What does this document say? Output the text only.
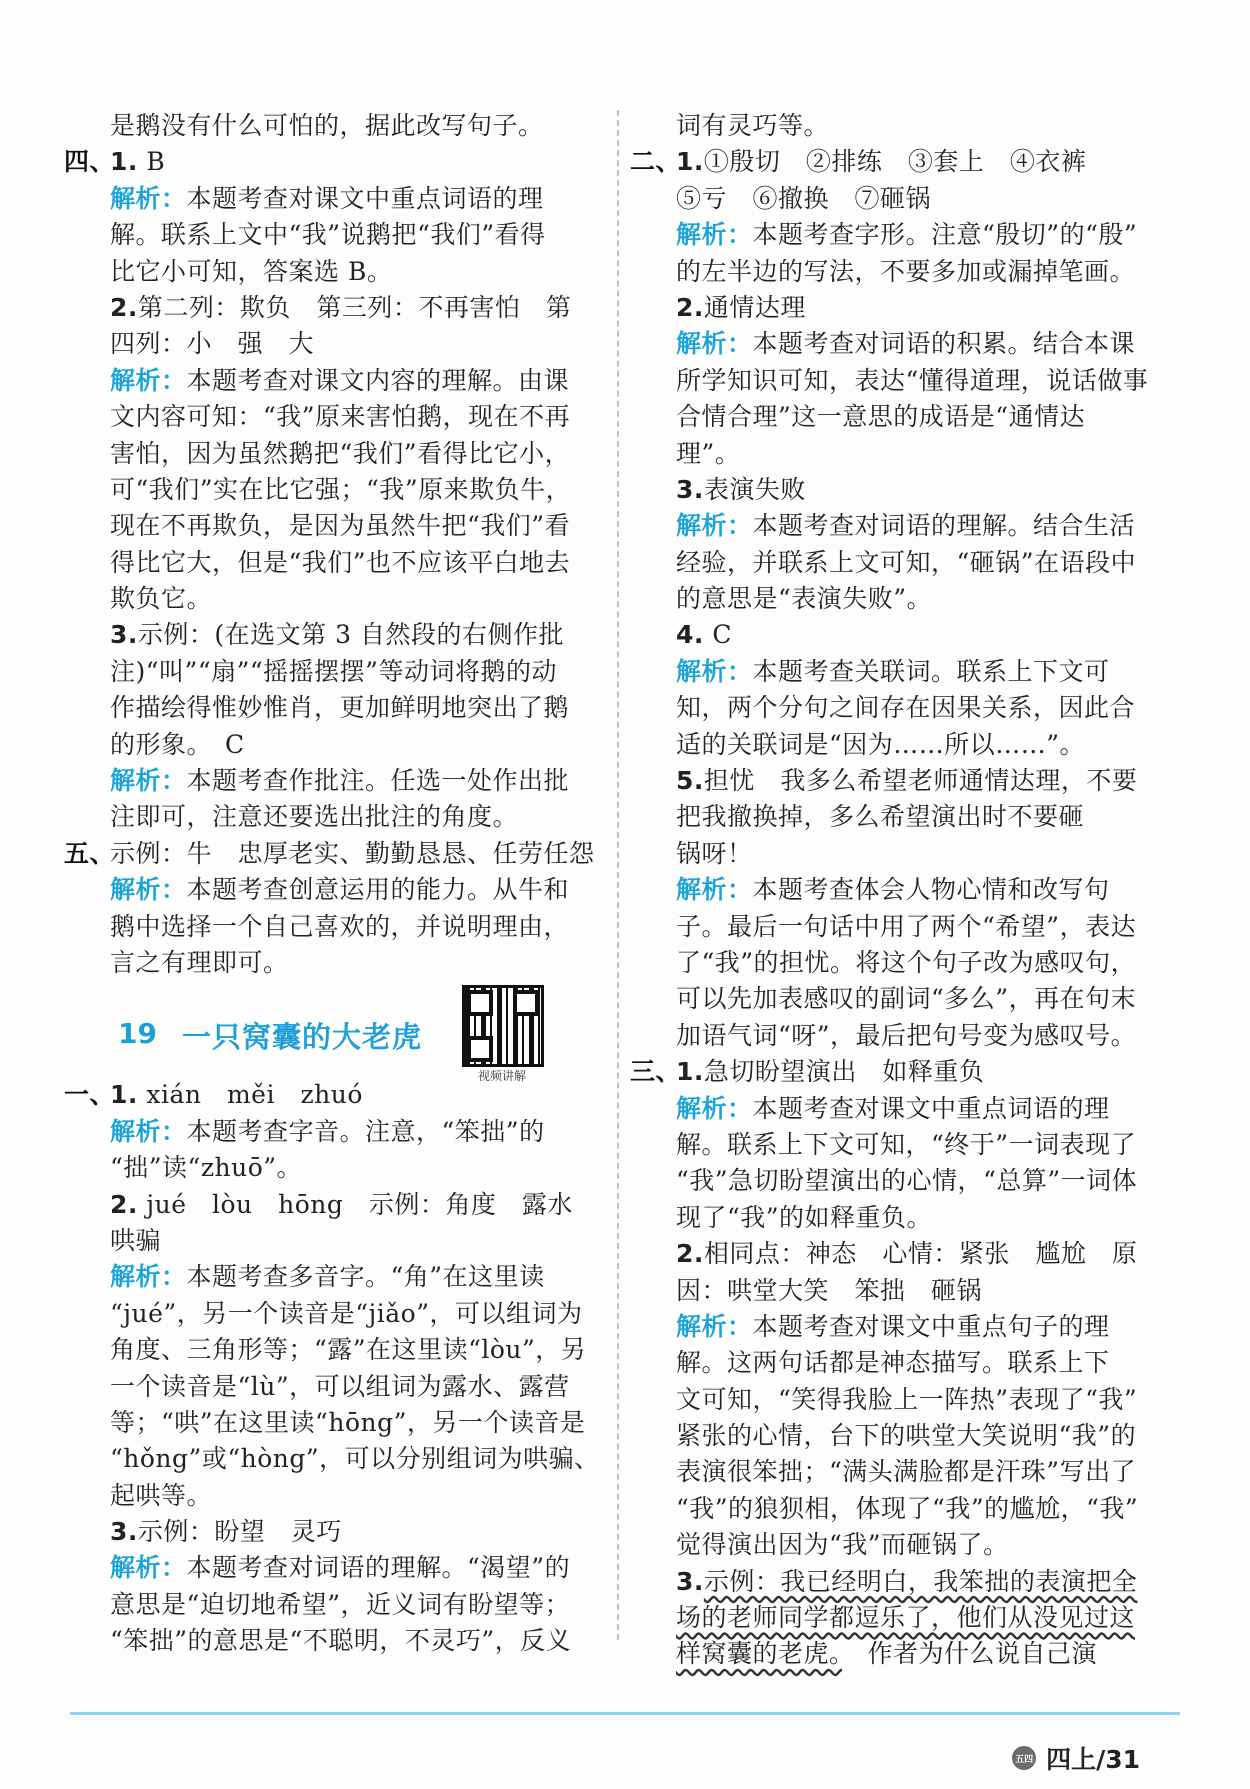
是鹅没有什么可怕的，据此改写句子。
四、
1. B
解析：本题考查对课文中重点词语的理
解。联系上文中“我”说鹅把“我们”看得
比它小可知，答案选 B。
2.第二列：欺负　第三列：不再害怕　第
四列：小　强　大
解析：本题考查对课文内容的理解。由课
文内容可知：“我”原来害怕鹅，现在不再
害怕，因为虽然鹅把“我们”看得比它小，
可“我们”实在比它强；“我”原来欺负牛，
现在不再欺负，是因为虽然牛把“我们”看
得比它大，但是“我们”也不应该平白地去
欺负它。
3.示例：(在选文第 3 自然段的右侧作批
注)“叫”“扇”“摇摇摆摆”等动词将鹅的动
作描绘得惟妙惟肖，更加鲜明地突出了鹅
的形象。　C
解析：本题考查作批注。任选一处作出批
注即可，注意还要选出批注的角度。
五、
示例：牛　忠厚老实、勤勤恳恳、任劳任怨
解析：本题考查创意运用的能力。从牛和
鹅中选择一个自己喜欢的，并说明理由，
言之有理即可。
19 一只窝囊的大老虎
视频讲解
一、
1. xián　měi　zhuó
解析：本题考查字音。注意，“笨拙”的
“拙”读“zhuō”。
2. jué　lòu　hōng　示例：角度　露水
哄骗
解析：本题考查多音字。“角”在这里读
“jué”，另一个读音是“jiǎo”，可以组词为
角度、三角形等；“露”在这里读“lòu”，另
一个读音是“lù”，可以组词为露水、露营
等；“哄”在这里读“hōng”，另一个读音是
“hǒng”或“hòng”，可以分别组词为哄骗、
起哄等。
3.示例：盼望　灵巧
解析：本题考查对词语的理解。“渴望”的
意思是“迫切地希望”，近义词有盼望等；
“笨拙”的意思是“不聪明，不灵巧”，反义
词有灵巧等。
二、
1.①殷切　②排练　③套上　④衣裤
⑤亏　⑥撤换　⑦砸锅
解析：本题考查字形。注意“殷切”的“殷”
的左半边的写法，不要多加或漏掉笔画。
2.通情达理
解析：本题考查对词语的积累。结合本课
所学知识可知，表达“懂得道理，说话做事
合情合理”这一意思的成语是“通情达
理”。
3.表演失败
解析：本题考查对词语的理解。结合生活
经验，并联系上文可知，“砸锅”在语段中
的意思是“表演失败”。
4. C
解析：本题考查关联词。联系上下文可
知，两个分句之间存在因果关系，因此合
适的关联词是“因为……所以……”。
5.担忧　我多么希望老师通情达理，不要
把我撤换掉，多么希望演出时不要砸
锅呀！
解析：本题考查体会人物心情和改写句
子。最后一句话中用了两个“希望”，表达
了“我”的担忧。将这个句子改为感叹句，
可以先加表感叹的副词“多么”，再在句末
加语气词“呀”，最后把句号变为感叹号。
三、
1.急切盼望演出　如释重负
解析：本题考查对课文中重点词语的理
解。联系上下文可知，“终于”一词表现了
“我”急切盼望演出的心情，“总算”一词体
现了“我”的如释重负。
2.相同点：神态　心情：紧张　尴尬　原
因：哄堂大笑　笨拙　砸锅
解析：本题考查对课文中重点句子的理
解。这两句话都是神态描写。联系上下
文可知，“笑得我脸上一阵热”表现了“我”
紧张的心情，台下的哄堂大笑说明“我”的
表演很笨拙；“满头满脸都是汗珠”写出了
“我”的狼狈相，体现了“我”的尴尬，“我”
觉得演出因为“我”而砸锅了。
3.示例：我已经明白，我笨拙的表演把全
场的老师同学都逗乐了，他们从没见过这
样窝囊的老虎。　作者为什么说自己演
五四 四上/31
